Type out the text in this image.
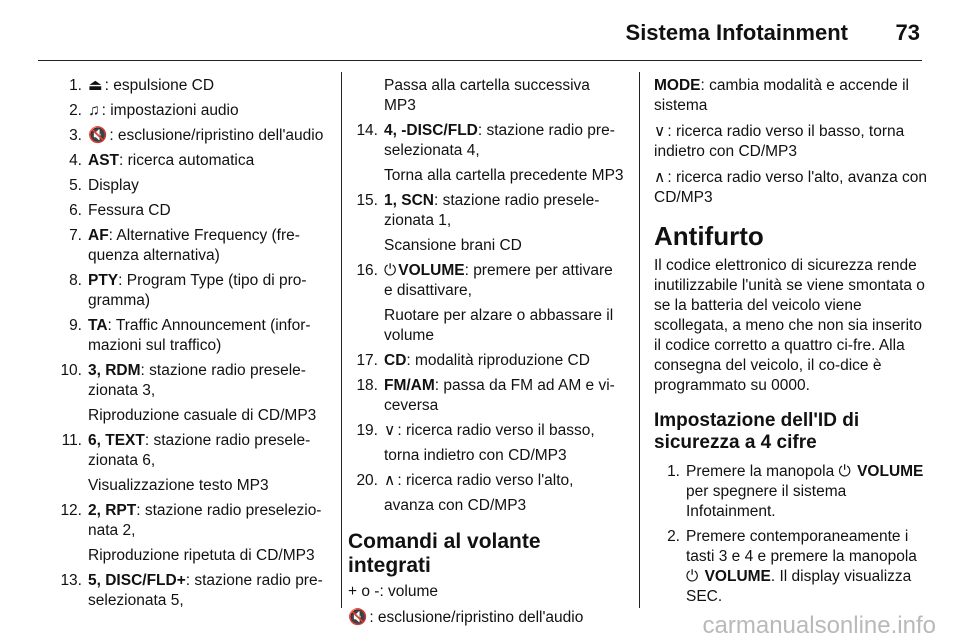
Sistema Infotainment 73
1. ⏏ : espulsione CD
2. ♫ : impostazioni audio
3. 🔇 : esclusione/ripristino dell'audio
4. AST: ricerca automatica
5. Display
6. Fessura CD
7. AF: Alternative Frequency (fre-quenza alternativa)
8. PTY: Program Type (tipo di pro-gramma)
9. TA: Traffic Announcement (infor-mazioni sul traffico)
10. 3, RDM: stazione radio presele-zionata 3,
Riproduzione casuale di CD/MP3
11. 6, TEXT: stazione radio presele-zionata 6,
Visualizzazione testo MP3
12. 2, RPT: stazione radio preselezio-nata 2,
Riproduzione ripetuta di CD/MP3
13. 5, DISC/FLD+: stazione radio pre-selezionata 5,
Passa alla cartella successiva MP3
14. 4, -DISC/FLD: stazione radio pre-selezionata 4,
Torna alla cartella precedente MP3
15. 1, SCN: stazione radio presele-zionata 1,
Scansione brani CD
16. ⏻VOLUME: premere per attivare e disattivare,
Ruotare per alzare o abbassare il volume
17. CD: modalità riproduzione CD
18. FM/AM: passa da FM ad AM e vi-ceversa
19. ∨ : ricerca radio verso il basso,
torna indietro con CD/MP3
20. ∧ : ricerca radio verso l'alto,
avanza con CD/MP3
Comandi al volante integrati
+ o -: volume
🔇 : esclusione/ripristino dell'audio
MODE: cambia modalità e accende il sistema
∨ : ricerca radio verso il basso, torna indietro con CD/MP3
∧ : ricerca radio verso l'alto, avanza con CD/MP3
Antifurto
Il codice elettronico di sicurezza rende inutilizzabile l'unità se viene smontata o se la batteria del veicolo viene scollegata, a meno che non sia inserito il codice corretto a quattro ci-fre. Alla consegna del veicolo, il co-dice è programmato su 0000.
Impostazione dell'ID di sicurezza a 4 cifre
1. Premere la manopola ⏻ VOLUME per spegnere il sistema Infotainment.
2. Premere contemporaneamente i tasti 3 e 4 e premere la manopola ⏻ VOLUME. Il display visualizza SEC.
carmanualsonline.info
